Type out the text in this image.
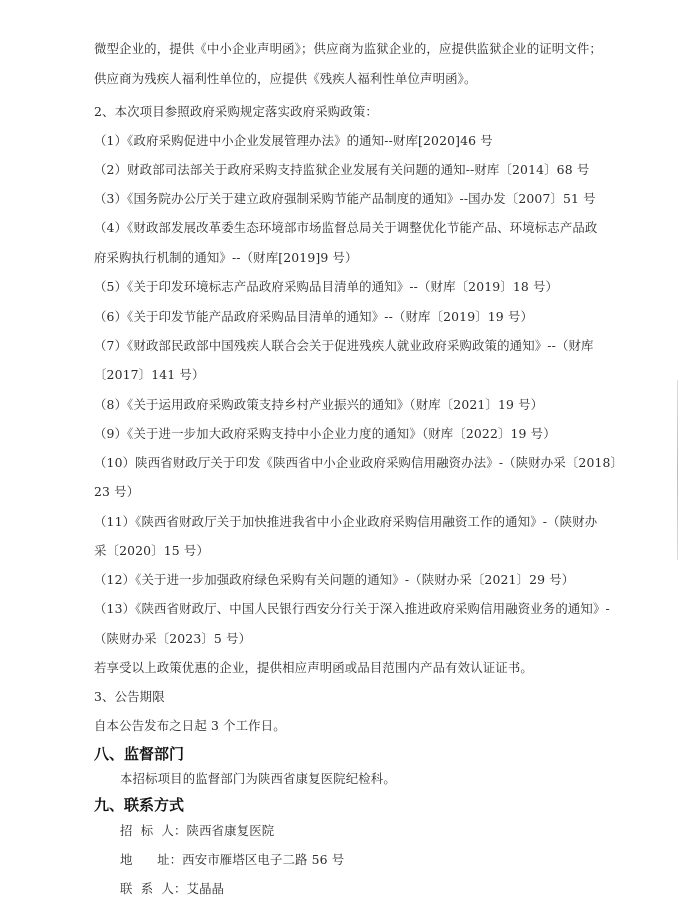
微型企业的，提供《中小企业声明函》；供应商为监狱企业的，应提供监狱企业的证明文件；
供应商为残疾人福利性单位的，应提供《残疾人福利性单位声明函》。
2、本次项目参照政府采购规定落实政府采购政策：
（1）《政府采购促进中小企业发展管理办法》的通知--财库[2020]46 号
（2）财政部司法部关于政府采购支持监狱企业发展有关问题的通知--财库〔2014〕68 号
（3）《国务院办公厅关于建立政府强制采购节能产品制度的通知》--国办发〔2007〕51 号
（4）《财政部发展改革委生态环境部市场监督总局关于调整优化节能产品、环境标志产品政
府采购执行机制的通知》--（财库[2019]9 号）
（5）《关于印发环境标志产品政府采购品目清单的通知》--（财库〔2019〕18 号）
（6）《关于印发节能产品政府采购品目清单的通知》--（财库〔2019〕19 号）
（7）《财政部民政部中国残疾人联合会关于促进残疾人就业政府采购政策的通知》--（财库
〔2017〕141 号）
（8）《关于运用政府采购政策支持乡村产业振兴的通知》（财库〔2021〕19 号）
（9）《关于进一步加大政府采购支持中小企业力度的通知》（财库〔2022〕19 号）
（10）陕西省财政厅关于印发《陕西省中小企业政府采购信用融资办法》-（陕财办采〔2018〕
23 号）
（11）《陕西省财政厅关于加快推进我省中小企业政府采购信用融资工作的通知》-（陕财办
采〔2020〕15 号）
（12）《关于进一步加强政府绿色采购有关问题的通知》-（陕财办采〔2021〕29 号）
（13）《陕西省财政厅、中国人民银行西安分行关于深入推进政府采购信用融资业务的通知》-
（陕财办采〔2023〕5 号）
若享受以上政策优惠的企业，提供相应声明函或品目范围内产品有效认证证书。
3、公告期限
自本公告发布之日起 3 个工作日。
八、监督部门
本招标项目的监督部门为陕西省康复医院纪检科。
九、联系方式
招  标  人：陕西省康复医院
地      址：西安市雁塔区电子二路 56 号
联  系  人：艾晶晶
